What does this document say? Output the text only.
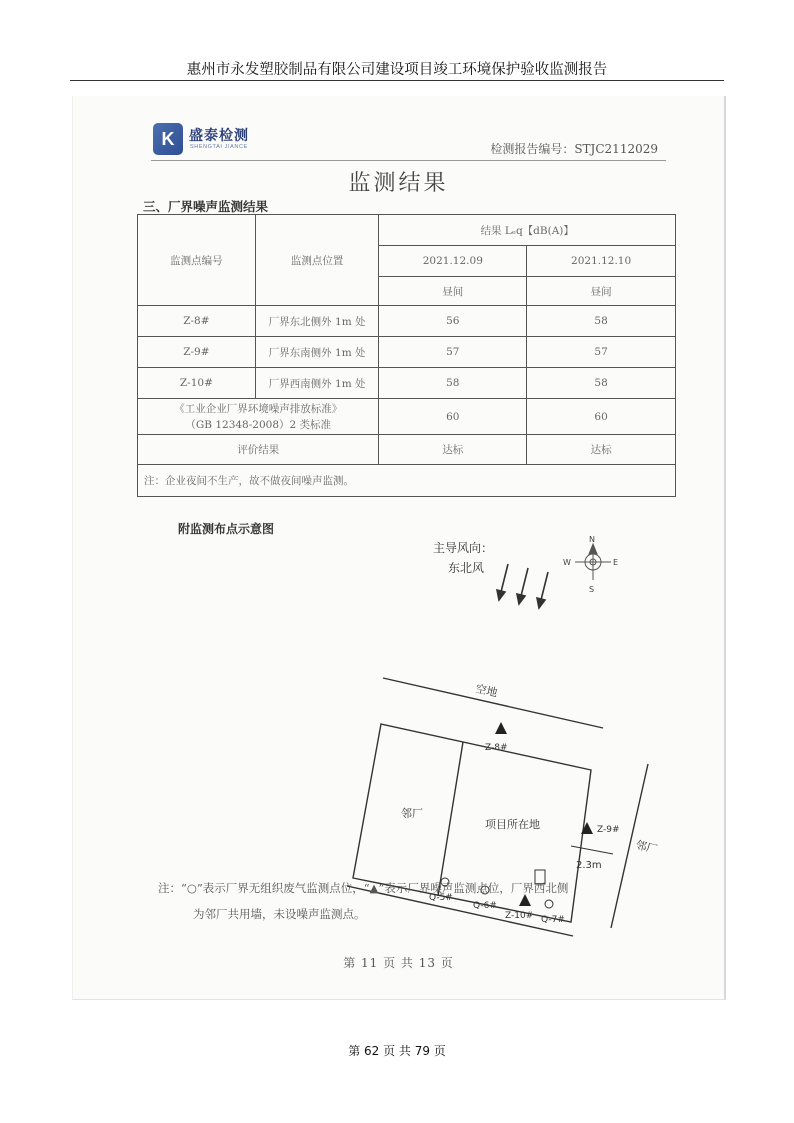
惠州市永发塑胶制品有限公司建设项目竣工环境保护验收监测报告
K	盛泰检测
SHENGTAI JIANCE	检测报告编号：STJC2112029
监测结果
三、厂界噪声监测结果
监测点编号	监测点位置	结果 Lₑq【dB(A)】	
		2021.12.09	2021.12.10
		昼间	昼间
Z-8#	厂界东北侧外 1m 处	56	58
Z-9#	厂界东南侧外 1m 处	57	57
Z-10#	厂界西南侧外 1m 处	58	58
《工业企业厂界环境噪声排放标准》
（GB 12348-2008）2 类标准		60	60
评价结果		达标	达标
注：企业夜间不生产，故不做夜间噪声监测。			
附监测布点示意图
主导风向：
东北风
N
S
E
W
空地
邻厂
项目所在地
邻厂
2.3m
Z-8#
Z-9#
Z-10#
Q-5#
Q-6#
Q-7#
注：“○”表示厂界无组织废气监测点位，“▲”表示厂界噪声监测点位，厂界西北侧
为邻厂共用墙，未设噪声监测点。
第 11 页 共 13 页
第 62 页 共 79 页
